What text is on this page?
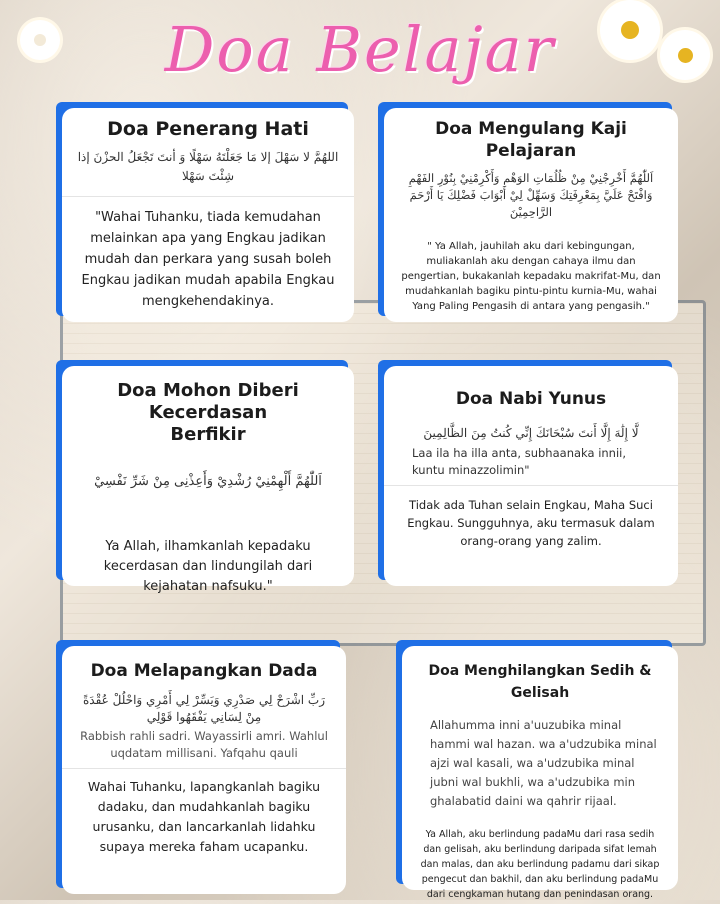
Doa Belajar
Doa Penerang Hati
اللهُمَّ لا سَهْلَ إلا مَا جَعَلْتَهُ سَهْلًا وَ أنتَ تَجْعَلُ الحزْنَ إذا شِئْتَ سَهْلا
"Wahai Tuhanku, tiada kemudahan melainkan apa yang Engkau jadikan mudah dan perkara yang susah boleh Engkau jadikan mudah apabila Engkau mengkehendakinya.
Doa Mengulang Kaji Pelajaran
اَللّٰهُمَّ أَخْرِجْنِيْ مِنْ ظُلُمَاتِ الوَهْمِ وَأَكْرِمْنِيْ بِنُوْرِ الفَهْمِ وَافْتَحْ عَلَيَّ بِمَعْرِفَتِكَ وَسَهِّلْ لِيْ أَبْوَابَ فَضْلِكَ يَا أَرْحَمَ الرَّاحِمِيْنَ
" Ya Allah, jauhilah aku dari kebingungan, muliakanlah aku dengan cahaya ilmu dan pengertian, bukakanlah kepadaku makrifat-Mu, dan mudahkanlah bagiku pintu-pintu kurnia-Mu, wahai Yang Paling Pengasih di antara yang pengasih."
Doa Mohon Diberi Kecerdasan Berfikir
اَللّٰهُمَّ أَلْهِمْنِيْ رُشْدِيْ وَأَعِذْنِى مِنْ شَرِّ نَفْسِيْ
Ya Allah, ilhamkanlah kepadaku kecerdasan dan lindungilah dari kejahatan nafsuku."
Doa Nabi Yunus
لَّا إِلَٰهَ إِلَّا أَنتَ سُبْحَانَكَ إِنِّي كُنتُ مِنَ الظَّالِمِينَ
Laa ila ha illa anta, subhaanaka innii, kuntu minazzolimin"
Tidak ada Tuhan selain Engkau, Maha Suci Engkau. Sungguhnya, aku termasuk dalam orang-orang yang zalim.
Doa Melapangkan Dada
رَبِّ اشْرَحْ لِي صَدْرِي وَيَسِّرْ لِي أَمْرِي وَاحْلُلْ عُقْدَةً مِنْ لِسَانِي يَفْقَهُوا قَوْلِي
Rabbish rahli sadri. Wayassirli amri. Wahlul uqdatam millisani. Yafqahu qauli
Wahai Tuhanku, lapangkanlah bagiku dadaku, dan mudahkanlah bagiku urusanku, dan lancarkanlah lidahku supaya mereka faham ucapanku.
Doa Menghilangkan Sedih & Gelisah
Allahumma inni a'uuzubika minal hammi wal hazan. wa a'udzubika minal ajzi wal kasali, wa a'udzubika minal jubni wal bukhli, wa a'udzubika min ghalabatid daini wa qahrir rijaal.
Ya Allah, aku berlindung padaMu dari rasa sedih dan gelisah, aku berlindung daripada sifat lemah dan malas, dan aku berlindung padamu dari sikap pengecut dan bakhil, dan aku berlindung padaMu dari cengkaman hutang dan penindasan orang.
